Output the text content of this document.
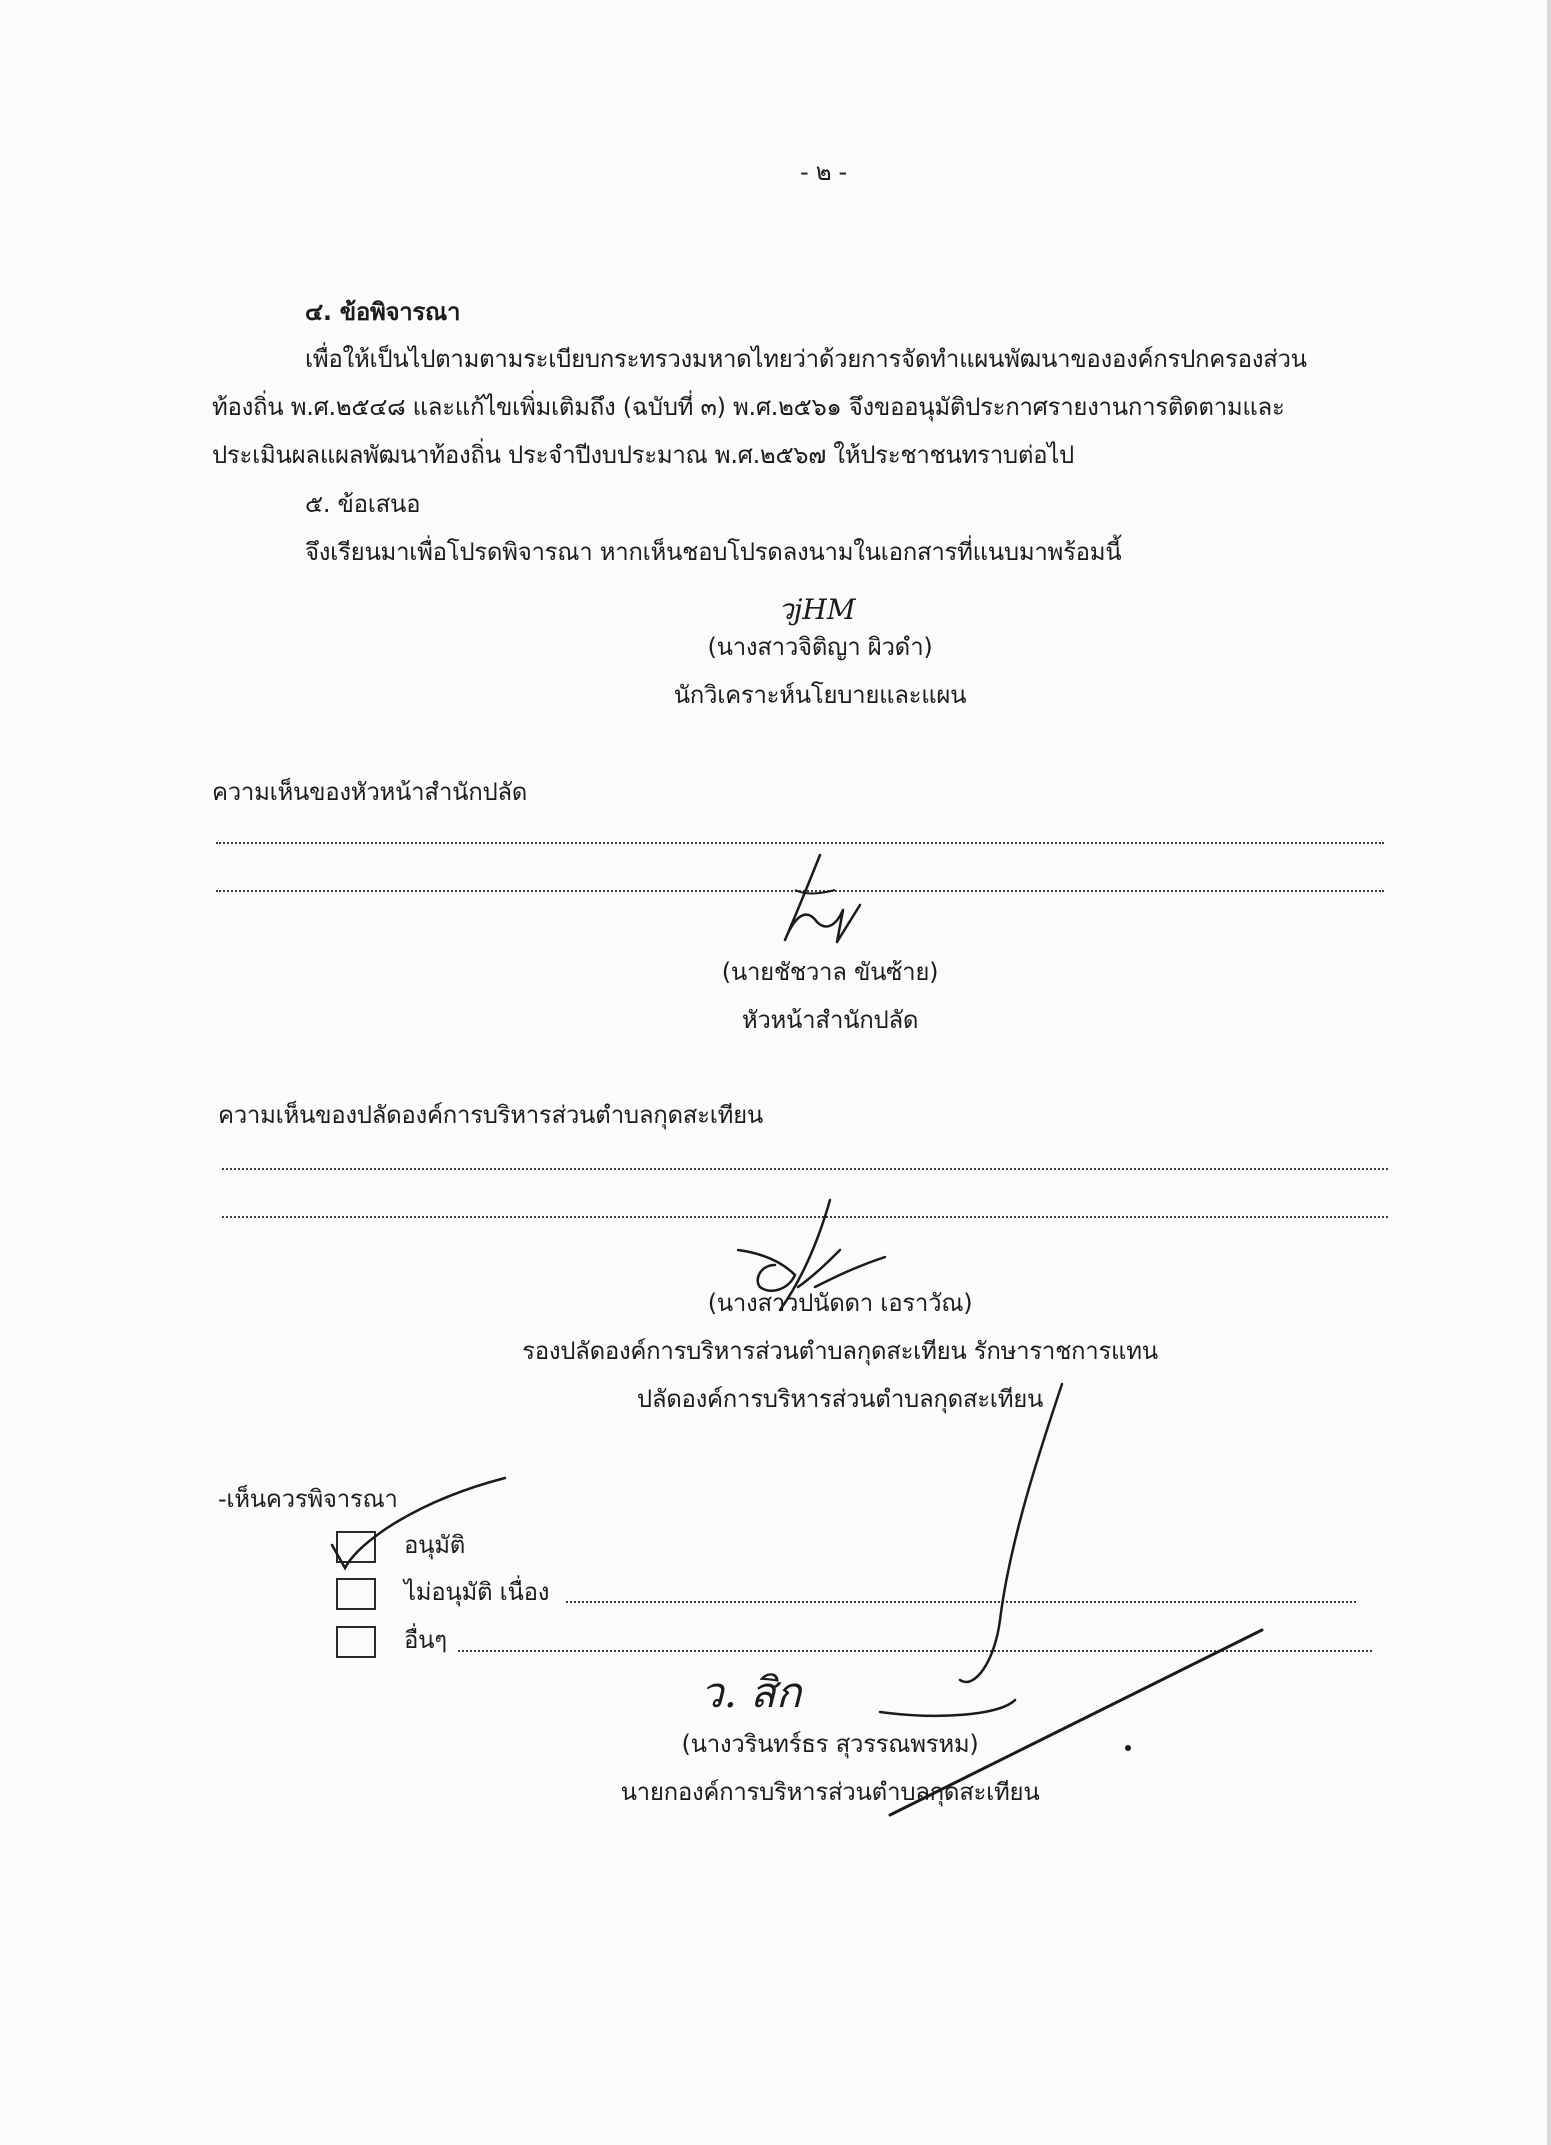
- ๒ -
๔. ข้อพิจารณา
เพื่อให้เป็นไปตามตามระเบียบกระทรวงมหาดไทยว่าด้วยการจัดทำแผนพัฒนาขององค์กรปกครองส่วน
ท้องถิ่น พ.ศ.๒๕๔๘ และแก้ไขเพิ่มเติมถึง (ฉบับที่ ๓) พ.ศ.๒๕๖๑ จึงขออนุมัติประกาศรายงานการติดตามและ
ประเมินผลแผลพัฒนาท้องถิ่น ประจำปีงบประมาณ พ.ศ.๒๕๖๗ ให้ประชาชนทราบต่อไป
๕. ข้อเสนอ
จึงเรียนมาเพื่อโปรดพิจารณา หากเห็นชอบโปรดลงนามในเอกสารที่แนบมาพร้อมนี้
วjHM
(นางสาวจิติญา ผิวดำ)
นักวิเคราะห์นโยบายและแผน
ความเห็นของหัวหน้าสำนักปลัด
(นายชัชวาล ขันซ้าย)
หัวหน้าสำนักปลัด
ความเห็นของปลัดองค์การบริหารส่วนตำบลกุดสะเทียน
(นางสาวปนัดดา เอราวัณ)
รองปลัดองค์การบริหารส่วนตำบลกุดสะเทียน รักษาราชการแทน
ปลัดองค์การบริหารส่วนตำบลกุดสะเทียน
-เห็นควรพิจารณา
อนุมัติ
ไม่อนุมัติ เนื่อง
อื่นๆ
ว. สิก
(นางวรินทร์ธร สุวรรณพรหม)
นายกองค์การบริหารส่วนตำบลกุดสะเทียน
